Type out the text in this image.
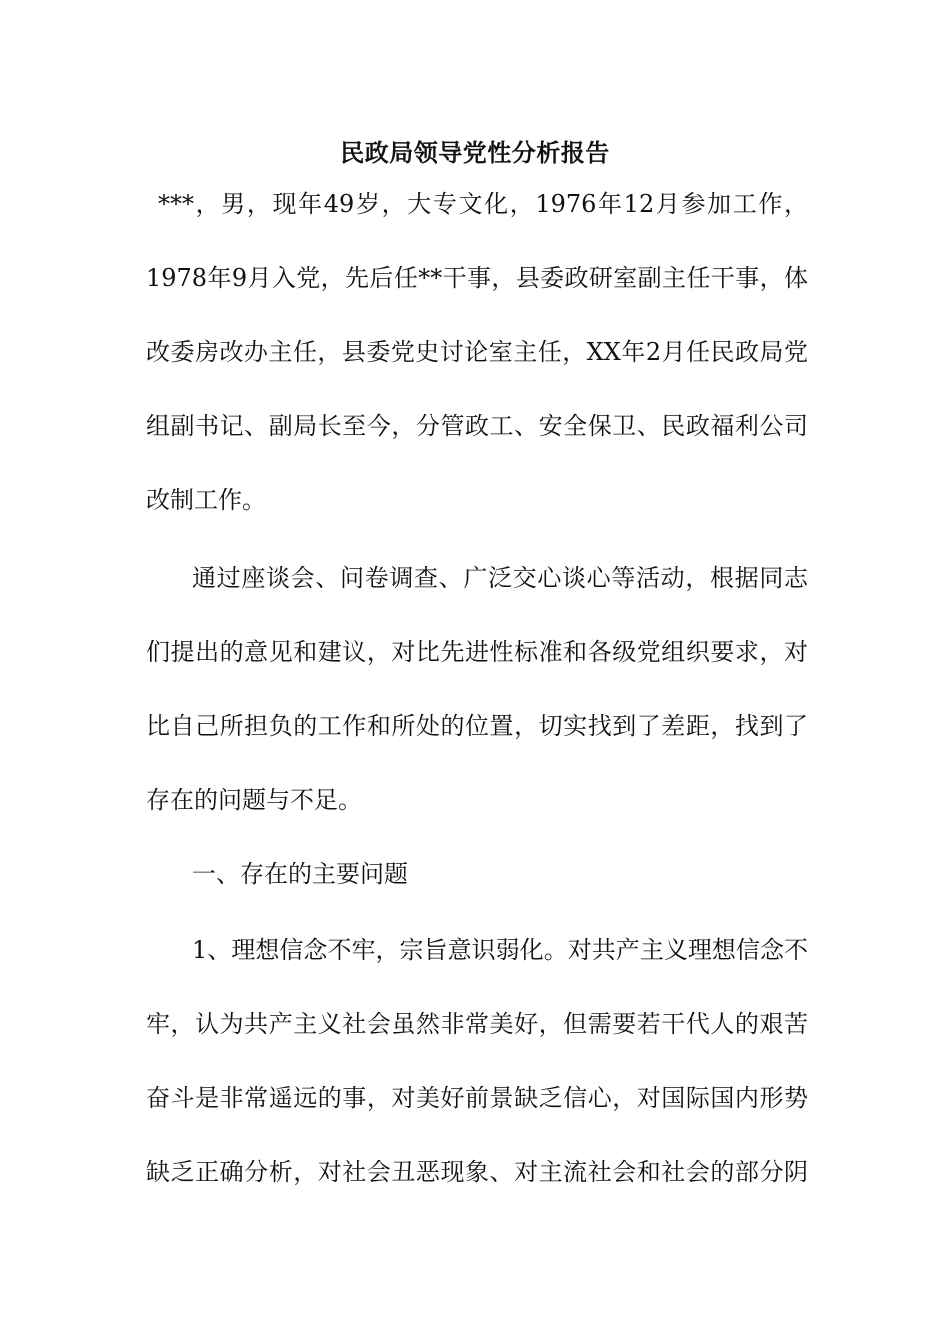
民政局领导党性分析报告
***，男，现年49岁，大专文化，1976年12月参加工作，
1978年9月入党，先后任**干事，县委政研室副主任干事，体
改委房改办主任，县委党史讨论室主任，XX年2月任民政局党
组副书记、副局长至今，分管政工、安全保卫、民政福利公司
改制工作。
通过座谈会、问卷调查、广泛交心谈心等活动，根据同志
们提出的意见和建议，对比先进性标准和各级党组织要求，对
比自己所担负的工作和所处的位置，切实找到了差距，找到了
存在的问题与不足。
一、存在的主要问题
1、理想信念不牢，宗旨意识弱化。对共产主义理想信念不
牢，认为共产主义社会虽然非常美好，但需要若干代人的艰苦
奋斗是非常遥远的事，对美好前景缺乏信心，对国际国内形势
缺乏正确分析，对社会丑恶现象、对主流社会和社会的部分阴
